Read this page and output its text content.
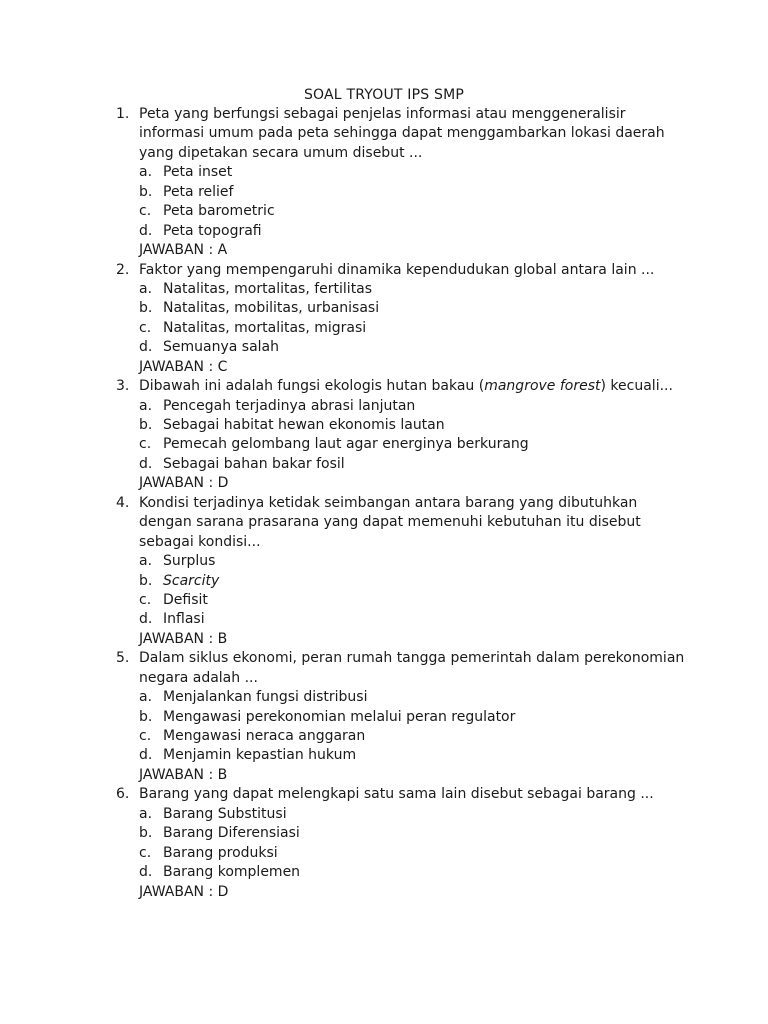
SOAL TRYOUT IPS SMP
1. Peta yang berfungsi sebagai penjelas informasi atau menggeneralisir
informasi umum pada peta sehingga dapat menggambarkan lokasi daerah
yang dipetakan secara umum disebut ...
a. Peta inset
b. Peta relief
c. Peta barometric
d. Peta topografi
JAWABAN : A
2. Faktor yang mempengaruhi dinamika kependudukan global antara lain ...
a. Natalitas, mortalitas, fertilitas
b. Natalitas, mobilitas, urbanisasi
c. Natalitas, mortalitas, migrasi
d. Semuanya salah
JAWABAN : C
3. Dibawah ini adalah fungsi ekologis hutan bakau (mangrove forest) kecuali...
a. Pencegah terjadinya abrasi lanjutan
b. Sebagai habitat hewan ekonomis lautan
c. Pemecah gelombang laut agar energinya berkurang
d. Sebagai bahan bakar fosil
JAWABAN : D
4. Kondisi terjadinya ketidak seimbangan antara barang yang dibutuhkan
dengan sarana prasarana yang dapat memenuhi kebutuhan itu disebut
sebagai kondisi...
a. Surplus
b. Scarcity
c. Defisit
d. Inflasi
JAWABAN : B
5. Dalam siklus ekonomi, peran rumah tangga pemerintah dalam perekonomian
negara adalah ...
a. Menjalankan fungsi distribusi
b. Mengawasi perekonomian melalui peran regulator
c. Mengawasi neraca anggaran
d. Menjamin kepastian hukum
JAWABAN : B
6. Barang yang dapat melengkapi satu sama lain disebut sebagai barang ...
a. Barang Substitusi
b. Barang Diferensiasi
c. Barang produksi
d. Barang komplemen
JAWABAN : D
